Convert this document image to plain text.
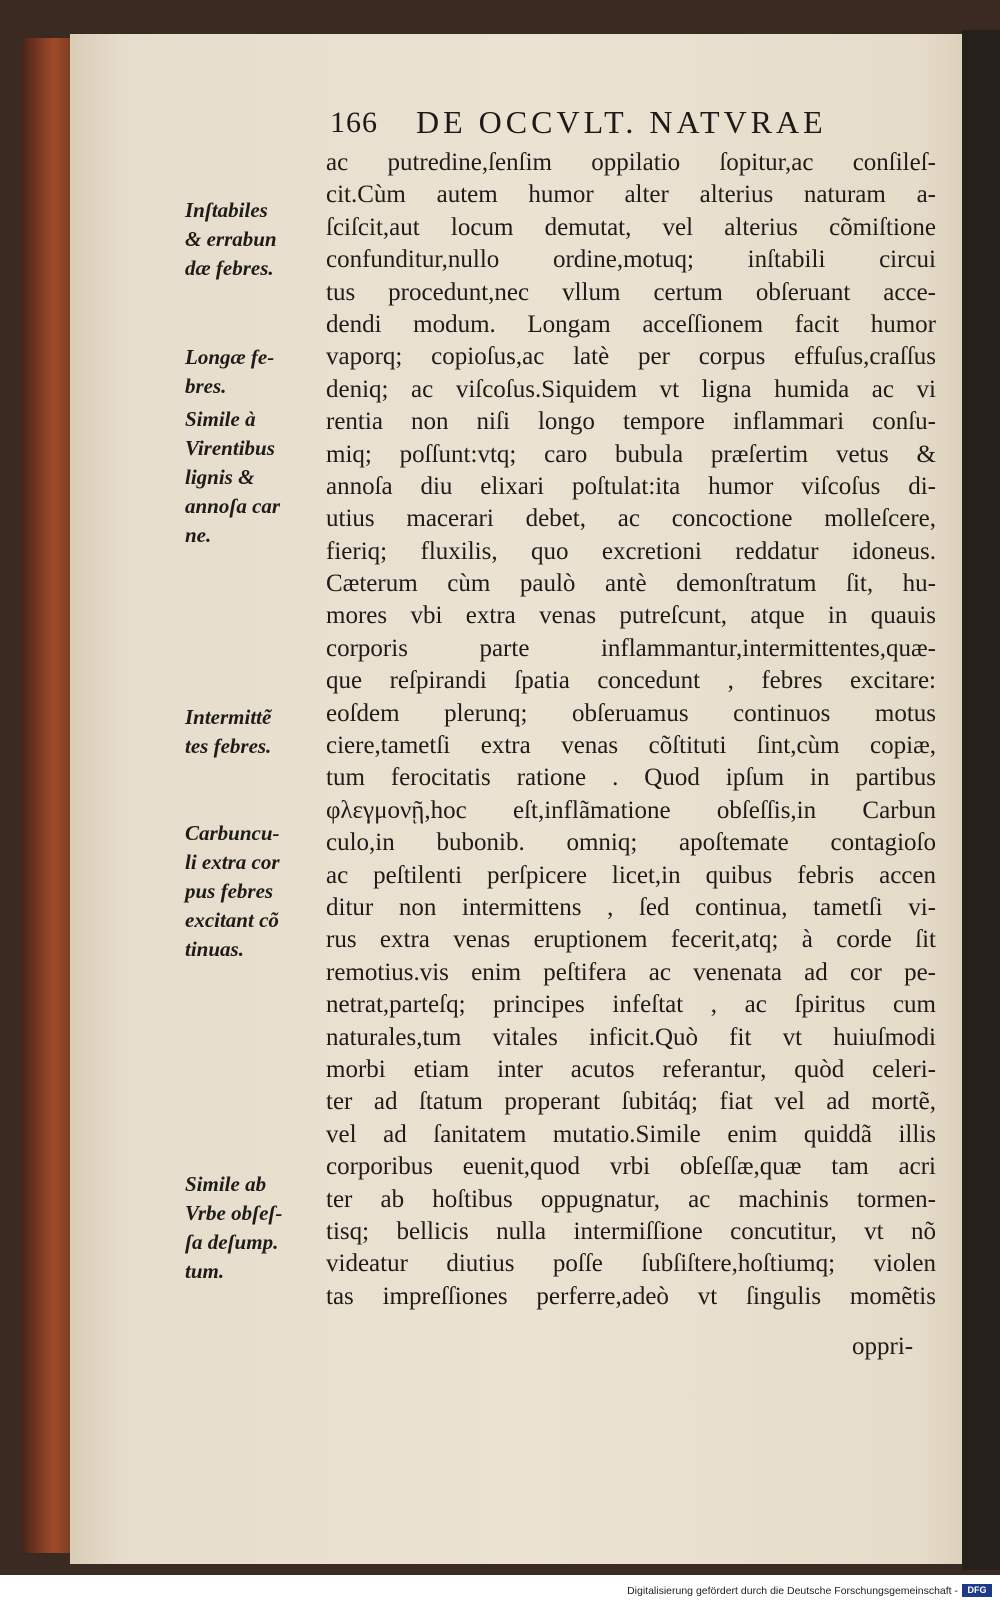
166 DE OCCVLT. NATVRAE
Inſtabiles
& errabun
dæ febres.
Longæ fe-
bres.
Simile à
Virentibus
lignis &
annoſa car
ne.
Intermittẽ
tes febres.
Carbuncu-
li extra cor
pus febres
excitant cõ
tinuas.
Simile ab
Vrbe obſeſ-
ſa deſump.
tum.
ac putredine,ſenſim oppilatio ſopitur,ac conſileſ-
cit.Cùm autem humor alter alterius naturam a-
ſciſcit,aut locum demutat, vel alterius cõmiſtione
confunditur,nullo ordine,motuq; inſtabili circui
tus procedunt,nec vllum certum obſeruant acce-
dendi modum. Longam acceſſionem facit humor
vaporq; copioſus,ac latè per corpus effuſus,craſſus
deniq; ac viſcoſus.Siquidem vt ligna humida ac vi
rentia non niſi longo tempore inflammari conſu-
miq; poſſunt:vtq; caro bubula præſertim vetus &
annoſa diu elixari poſtulat:ita humor viſcoſus di-
utius macerari debet, ac concoctione molleſcere,
fieriq; fluxilis, quo excretioni reddatur idoneus.
Cæterum cùm paulò antè demonſtratum ſit, hu-
mores vbi extra venas putreſcunt, atque in quauis
corporis parte inflammantur,intermittentes,quæ-
que reſpirandi ſpatia concedunt , febres excitare:
eoſdem plerunq; obſeruamus continuos motus
ciere,tametſi extra venas cõſtituti ſint,cùm copiæ,
tum ferocitatis ratione . Quod ipſum in partibus
φλεγμονῇ,hoc eſt,inflãmatione obſeſſis,in Carbun
culo,in bubonib. omniq; apoſtemate contagioſo
ac peſtilenti perſpicere licet,in quibus febris accen
ditur non intermittens , ſed continua, tametſi vi-
rus extra venas eruptionem fecerit,atq; à corde ſit
remotius.vis enim peſtifera ac venenata ad cor pe-
netrat,parteſq; principes infeſtat , ac ſpiritus cum
naturales,tum vitales inficit.Quò fit vt huiuſmodi
morbi etiam inter acutos referantur, quòd celeri-
ter ad ſtatum properant ſubitáq; fiat vel ad mortẽ,
vel ad ſanitatem mutatio.Simile enim quiddã illis
corporibus euenit,quod vrbi obſeſſæ,quæ tam acri
ter ab hoſtibus oppugnatur, ac machinis tormen-
tisq; bellicis nulla intermiſſione concutitur, vt nõ
videatur diutius poſſe ſubſiſtere,hoſtiumq; violen
tas impreſſiones perferre,adeò vt ſingulis momẽtis
oppri-
Digitalisierung gefördert durch die Deutsche Forschungsgemeinschaft -	DFG
